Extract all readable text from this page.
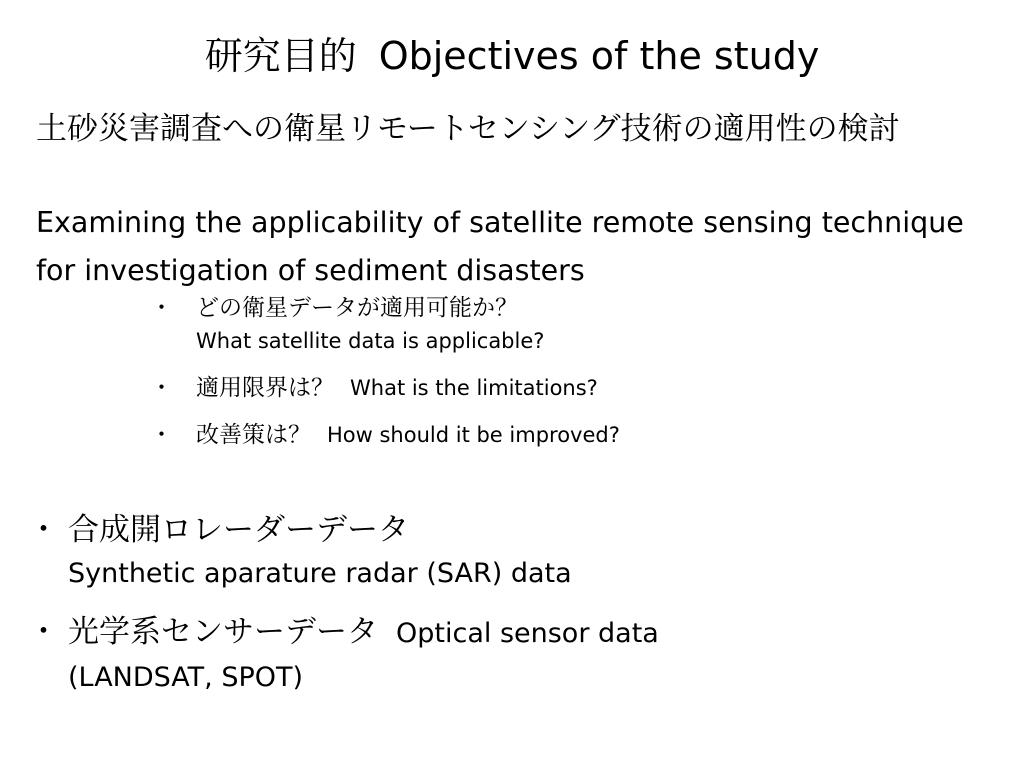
研究目的 Objectives of the study
土砂災害調査への衛星リモートセンシング技術の適用性の検討
Examining the applicability of satellite remote sensing technique for investigation of sediment disasters
・ どの衛星データが適用可能か？
What satellite data is applicable?
・ 適用限界は？ What is the limitations?
・ 改善策は？ How should it be improved?
・ 合成開ロレーダーデータ
Synthetic aparature radar (SAR) data
・ 光学系センサーデータ Optical sensor data
(LANDSAT, SPOT)
